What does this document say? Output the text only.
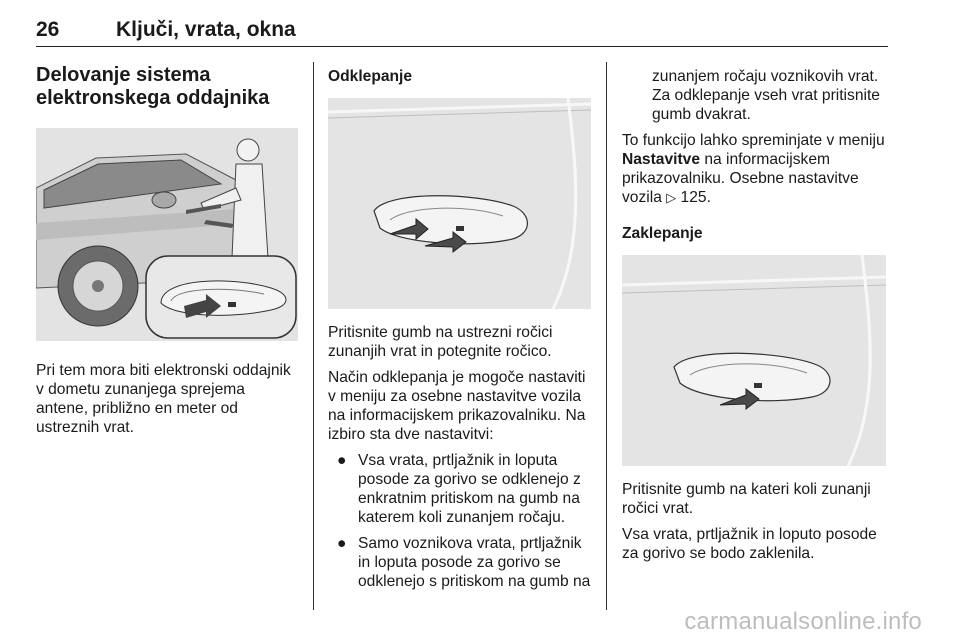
26	Ključi, vrata, okna
Delovanje sistema elektronskega oddajnika

Pri tem mora biti elektronski oddajnik v dometu zunanjega sprejema antene, približno en meter od ustreznih vrat.

Odklepanje

Pritisnite gumb na ustrezni ročici zunanjih vrat in potegnite ročico.

Način odklepanja je mogoče nastaviti v meniju za osebne nastavitve vozila na informacijskem prikazovalniku. Na izbiro sta dve nastavitvi:

● Vsa vrata, prtljažnik in loputa posode za gorivo se odklenejo z enkratnim pritiskom na gumb na katerem koli zunanjem ročaju.
● Samo voznikova vrata, prtljažnik in loputa posode za gorivo se odklenejo s pritiskom na gumb na

zunanjem ročaju voznikovih vrat. Za odklepanje vseh vrat pritisnite gumb dvakrat.

To funkcijo lahko spreminjate v meniju Nastavitve na informacijskem prikazovalniku. Osebne nastavitve vozila ▷ 125.

Zaklepanje

Pritisnite gumb na kateri koli zunanji ročici vrat.

Vsa vrata, prtljažnik in loputo posode za gorivo se bodo zaklenila.

carmanualsonline.info
